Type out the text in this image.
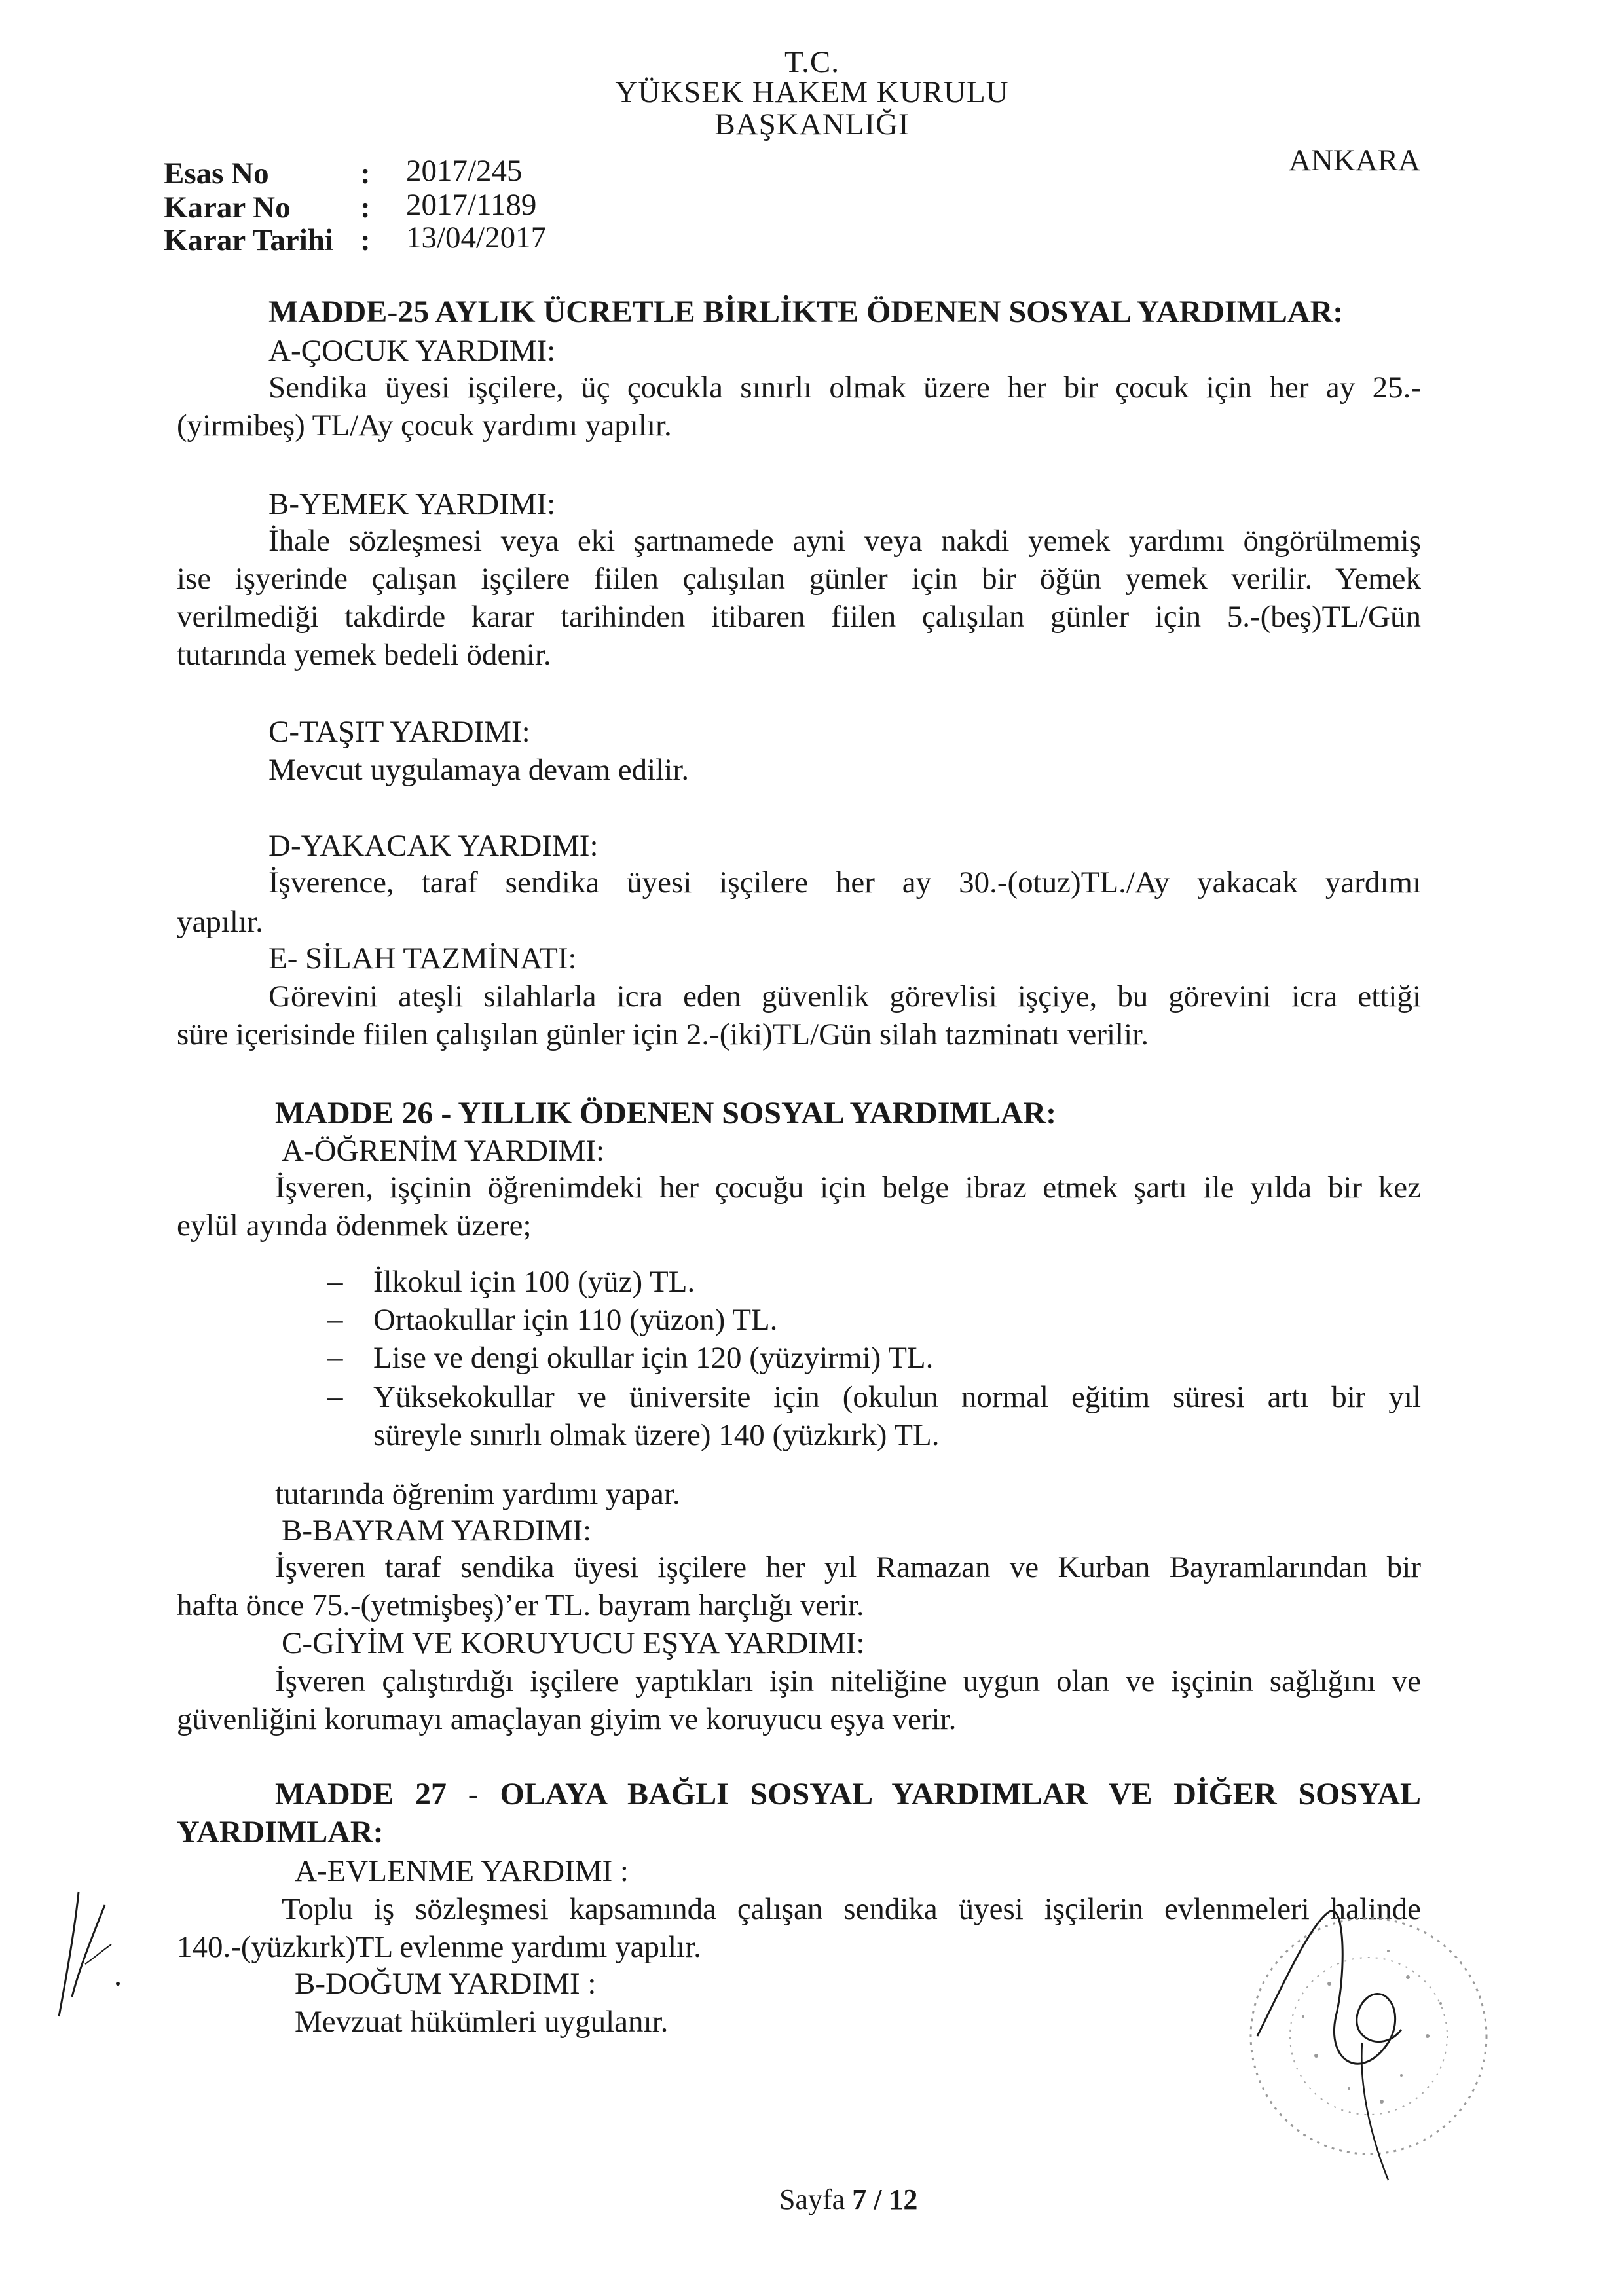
T.C.
YÜKSEK HAKEM KURULU
BAŞKANLIĞI
ANKARA
Esas No	: 2017/245
Karar No : 2017/1189
Karar Tarihi : 13/04/2017
MADDE-25 AYLIK ÜCRETLE BİRLİKTE ÖDENEN SOSYAL YARDIMLAR:
A-ÇOCUK YARDIMI:
Sendika üyesi işçilere, üç çocukla sınırlı olmak üzere her bir çocuk için her ay 25.-
(yirmibeş) TL/Ay çocuk yardımı yapılır.
B-YEMEK YARDIMI:
İhale sözleşmesi veya eki şartnamede ayni veya nakdi yemek yardımı öngörülmemiş
ise işyerinde çalışan işçilere fiilen çalışılan günler için bir öğün yemek verilir. Yemek
verilmediği takdirde karar tarihinden itibaren fiilen çalışılan günler için 5.-(beş)TL/Gün
tutarında yemek bedeli ödenir.
C-TAŞIT YARDIMI:
Mevcut uygulamaya devam edilir.
D-YAKACAK YARDIMI:
İşverence, taraf sendika üyesi işçilere her ay 30.-(otuz)TL./Ay yakacak yardımı
yapılır.
E- SİLAH TAZMİNATI:
Görevini ateşli silahlarla icra eden güvenlik görevlisi işçiye, bu görevini icra ettiği
süre içerisinde fiilen çalışılan günler için 2.-(iki)TL/Gün silah tazminatı verilir.
MADDE 26 - YILLIK ÖDENEN SOSYAL YARDIMLAR:
A-ÖĞRENİM YARDIMI:
İşveren, işçinin öğrenimdeki her çocuğu için belge ibraz etmek şartı ile yılda bir kez
eylül ayında ödenmek üzere;
– İlkokul için 100 (yüz) TL.
– Ortaokullar için 110 (yüzon) TL.
– Lise ve dengi okullar için 120 (yüzyirmi) TL.
– Yüksekokullar ve üniversite için (okulun normal eğitim süresi artı bir yıl
süreyle sınırlı olmak üzere) 140 (yüzkırk) TL.
tutarında öğrenim yardımı yapar.
B-BAYRAM YARDIMI:
İşveren taraf sendika üyesi işçilere her yıl Ramazan ve Kurban Bayramlarından bir
hafta önce 75.-(yetmişbeş)’er TL. bayram harçlığı verir.
C-GİYİM VE KORUYUCU EŞYA YARDIMI:
İşveren çalıştırdığı işçilere yaptıkları işin niteliğine uygun olan ve işçinin sağlığını ve
güvenliğini korumayı amaçlayan giyim ve koruyucu eşya verir.
MADDE 27 - OLAYA BAĞLI SOSYAL YARDIMLAR VE DİĞER SOSYAL
YARDIMLAR:
A-EVLENME YARDIMI :
Toplu iş sözleşmesi kapsamında çalışan sendika üyesi işçilerin evlenmeleri halinde
140.-(yüzkırk)TL evlenme yardımı yapılır.
B-DOĞUM YARDIMI :
Mevzuat hükümleri uygulanır.
Sayfa 7 / 12
